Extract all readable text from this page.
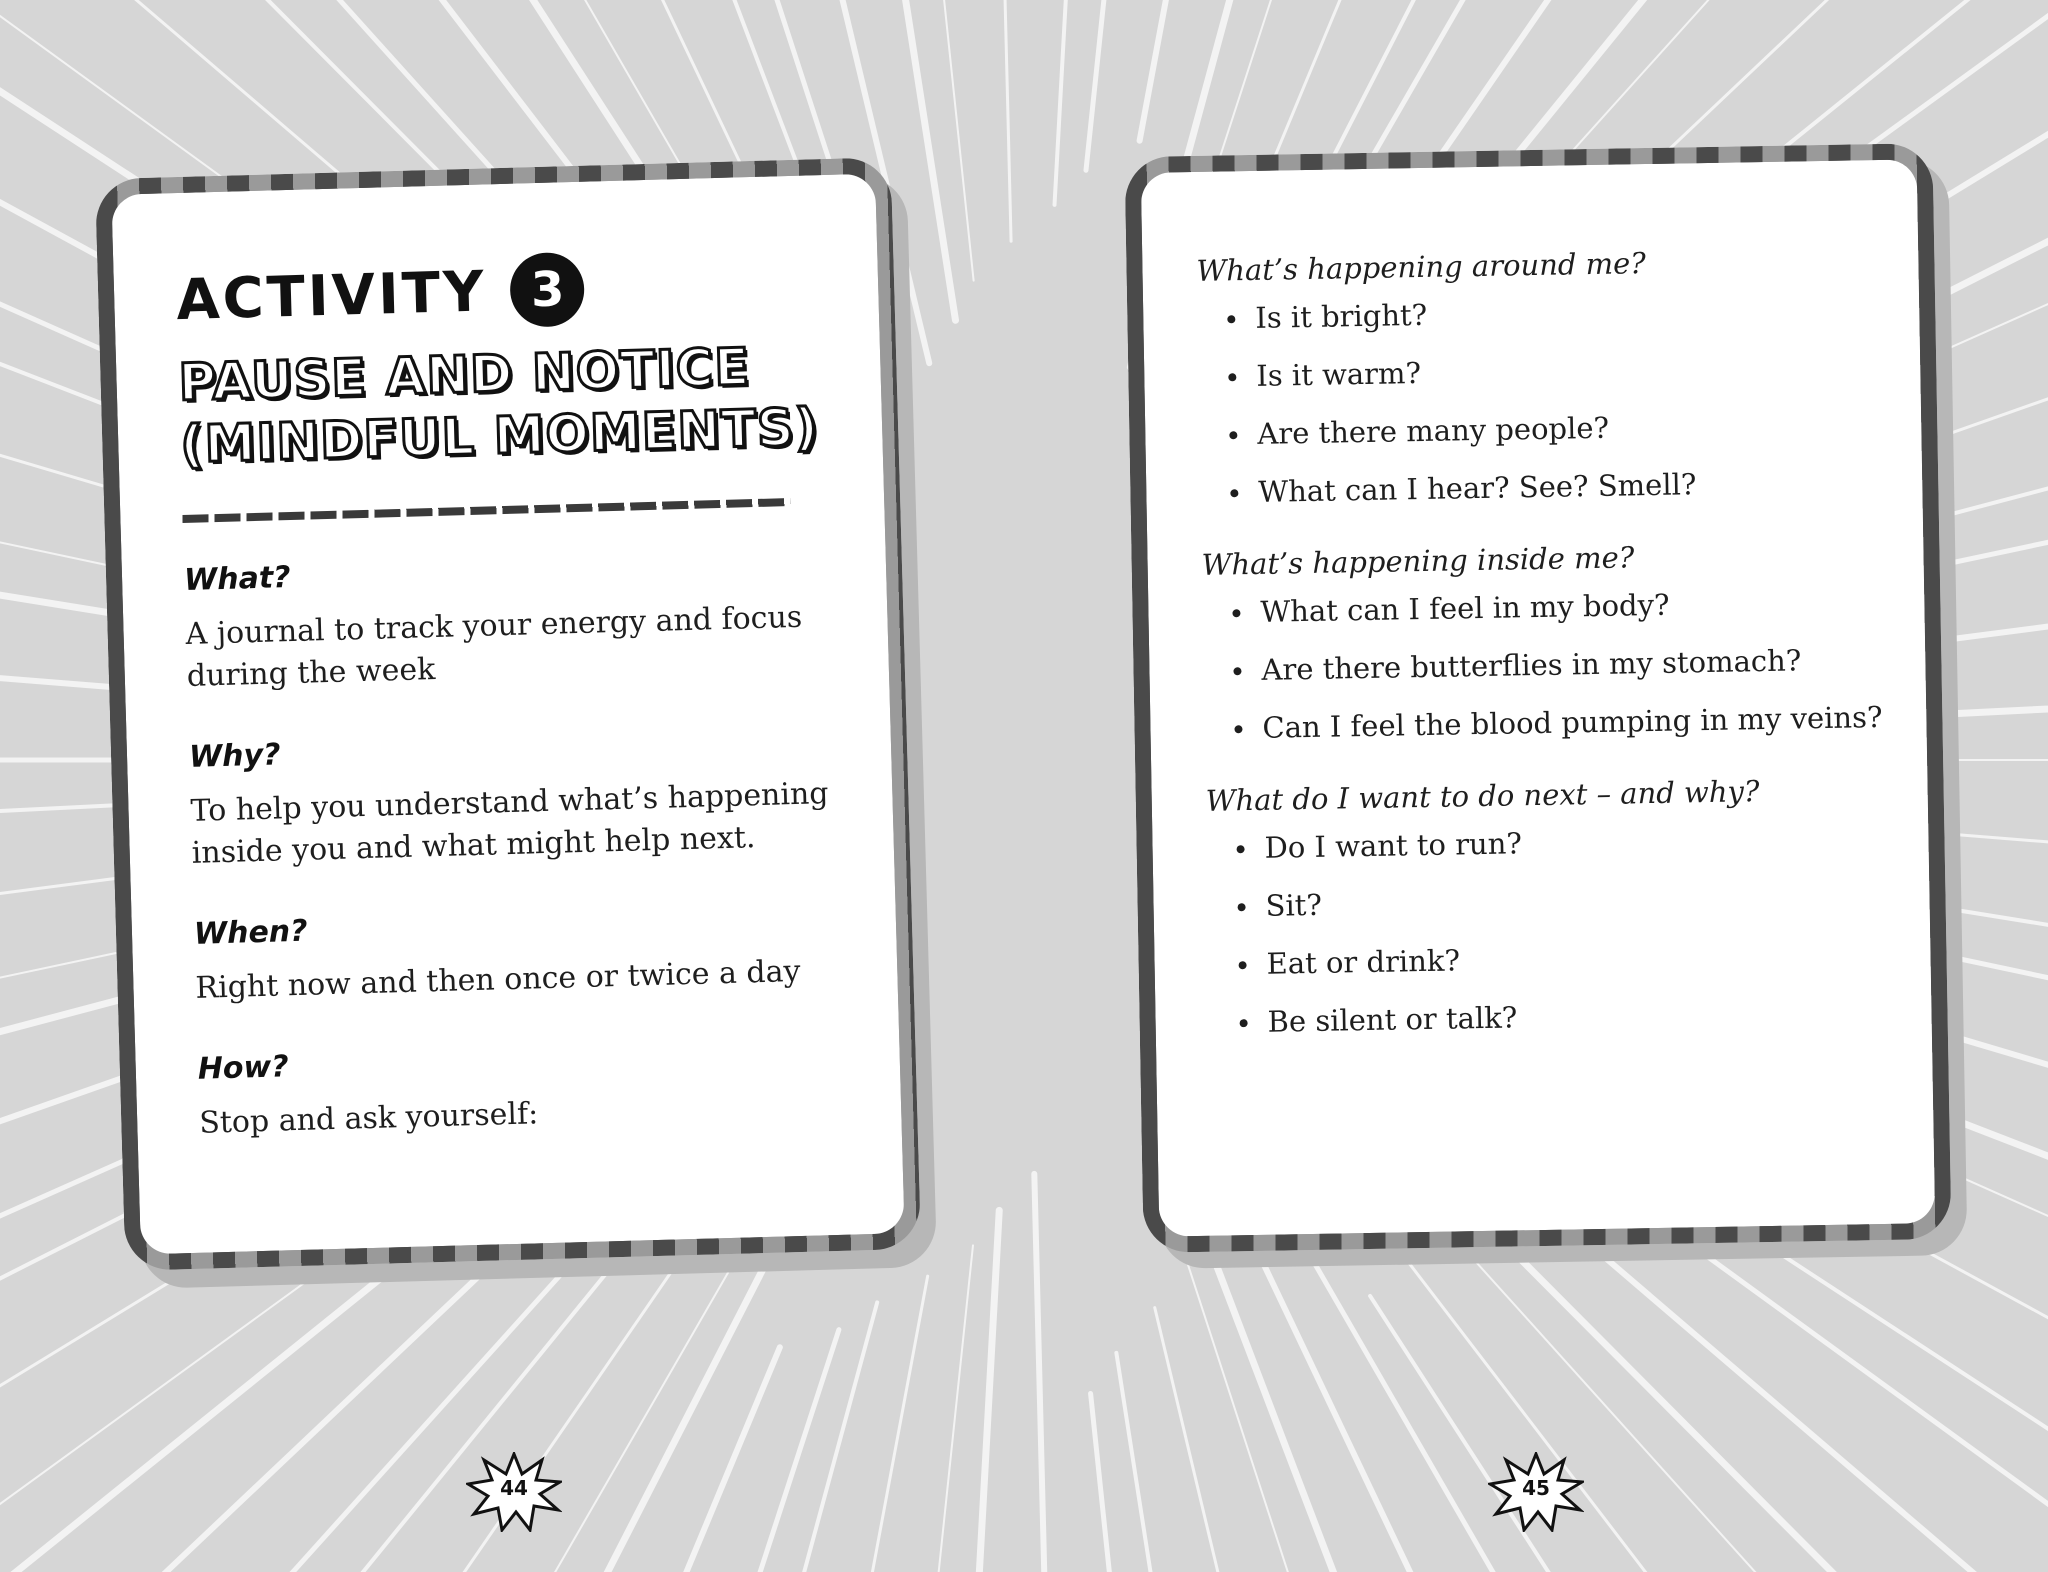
ACTIVITY 3
PAUSE AND NOTICE
(MINDFUL MOMENTS)
What?
A journal to track your energy and focus during the week
Why?
To help you understand what’s happening inside you and what might help next.
When?
Right now and then once or twice a day
How?
Stop and ask yourself:
What’s happening around me?
Is it bright?
Is it warm?
Are there many people?
What can I hear? See? Smell?
What’s happening inside me?
What can I feel in my body?
Are there butterflies in my stomach?
Can I feel the blood pumping in my veins?
What do I want to do next – and why?
Do I want to run?
Sit?
Eat or drink?
Be silent or talk?
44	45
